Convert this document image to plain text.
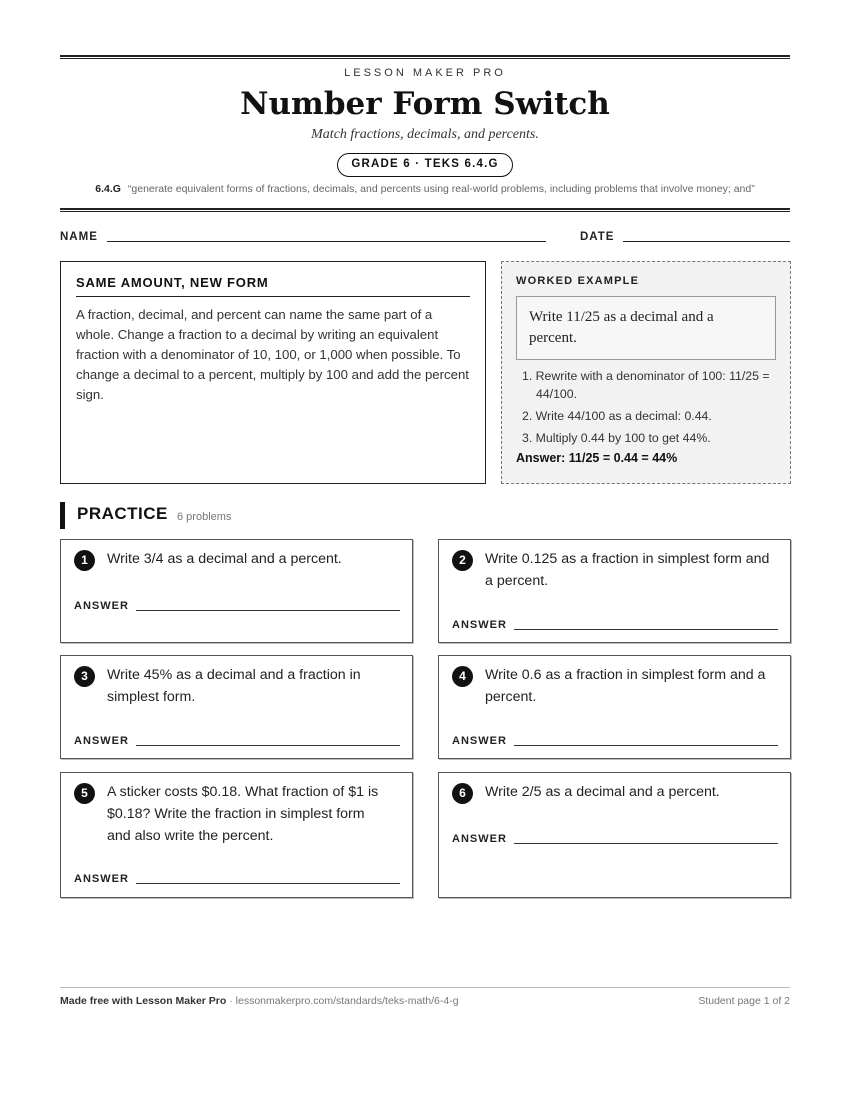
LESSON MAKER PRO
Number Form Switch
Match fractions, decimals, and percents.
GRADE 6 · TEKS 6.4.G
6.4.G “generate equivalent forms of fractions, decimals, and percents using real-world problems, including problems that involve money; and”
NAME	DATE
SAME AMOUNT, NEW FORM
A fraction, decimal, and percent can name the same part of a whole. Change a fraction to a decimal by writing an equivalent fraction with a denominator of 10, 100, or 1,000 when possible. To change a decimal to a percent, multiply by 100 and add the percent sign.
WORKED EXAMPLE
Write 11/25 as a decimal and a percent.
1. Rewrite with a denominator of 100: 11/25 = 44/100.
2. Write 44/100 as a decimal: 0.44.
3. Multiply 0.44 by 100 to get 44%.
Answer: 11/25 = 0.44 = 44%
PRACTICE 6 problems
1	Write 3/4 as a decimal and a percent.
ANSWER
2	Write 0.125 as a fraction in simplest form and a percent.
ANSWER
3	Write 45% as a decimal and a fraction in simplest form.
ANSWER
4	Write 0.6 as a fraction in simplest form and a percent.
ANSWER
5	A sticker costs $0.18. What fraction of $1 is $0.18? Write the fraction in simplest form and also write the percent.
ANSWER
6	Write 2/5 as a decimal and a percent.
ANSWER
Made free with Lesson Maker Pro · lessonmakerpro.com/standards/teks-math/6-4-g	Student page 1 of 2
